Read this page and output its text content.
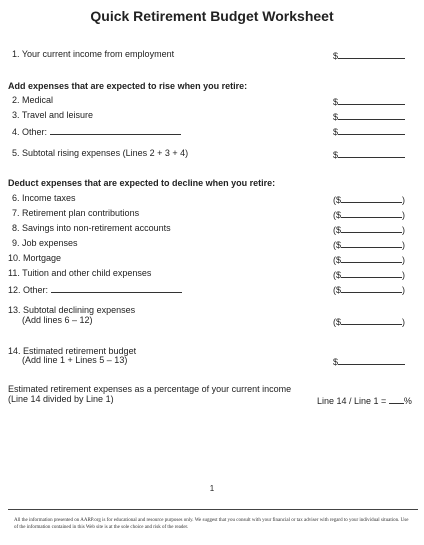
Quick Retirement Budget Worksheet
1. Your current income from employment	$
Add expenses that are expected to rise when you retire:
2. Medical	$
3. Travel and leisure	$
4. Other:	$
5. Subtotal rising expenses (Lines 2 + 3 + 4)	$
Deduct expenses that are expected to decline when you retire:
6. Income taxes	($	)
7. Retirement plan contributions	($	)
8. Savings into non-retirement accounts	($	)
9. Job expenses	($	)
10. Mortgage	($	)
11. Tuition and other child expenses	($	)
12. Other:	($	)
13. Subtotal declining expenses
(Add lines 6 – 12)	($	)
14. Estimated retirement budget
(Add line 1 + Lines 5 – 13)	$
Estimated retirement expenses as a percentage of your current income
(Line 14 divided by Line 1)	Line 14 / Line 1 = %
1
All the information presented on AARP.org is for educational and resource purposes only. We suggest that you consult with your financial or tax adviser with regard to your individual situation. Use of the information contained in this Web site is at the sole choice and risk of the reader.
